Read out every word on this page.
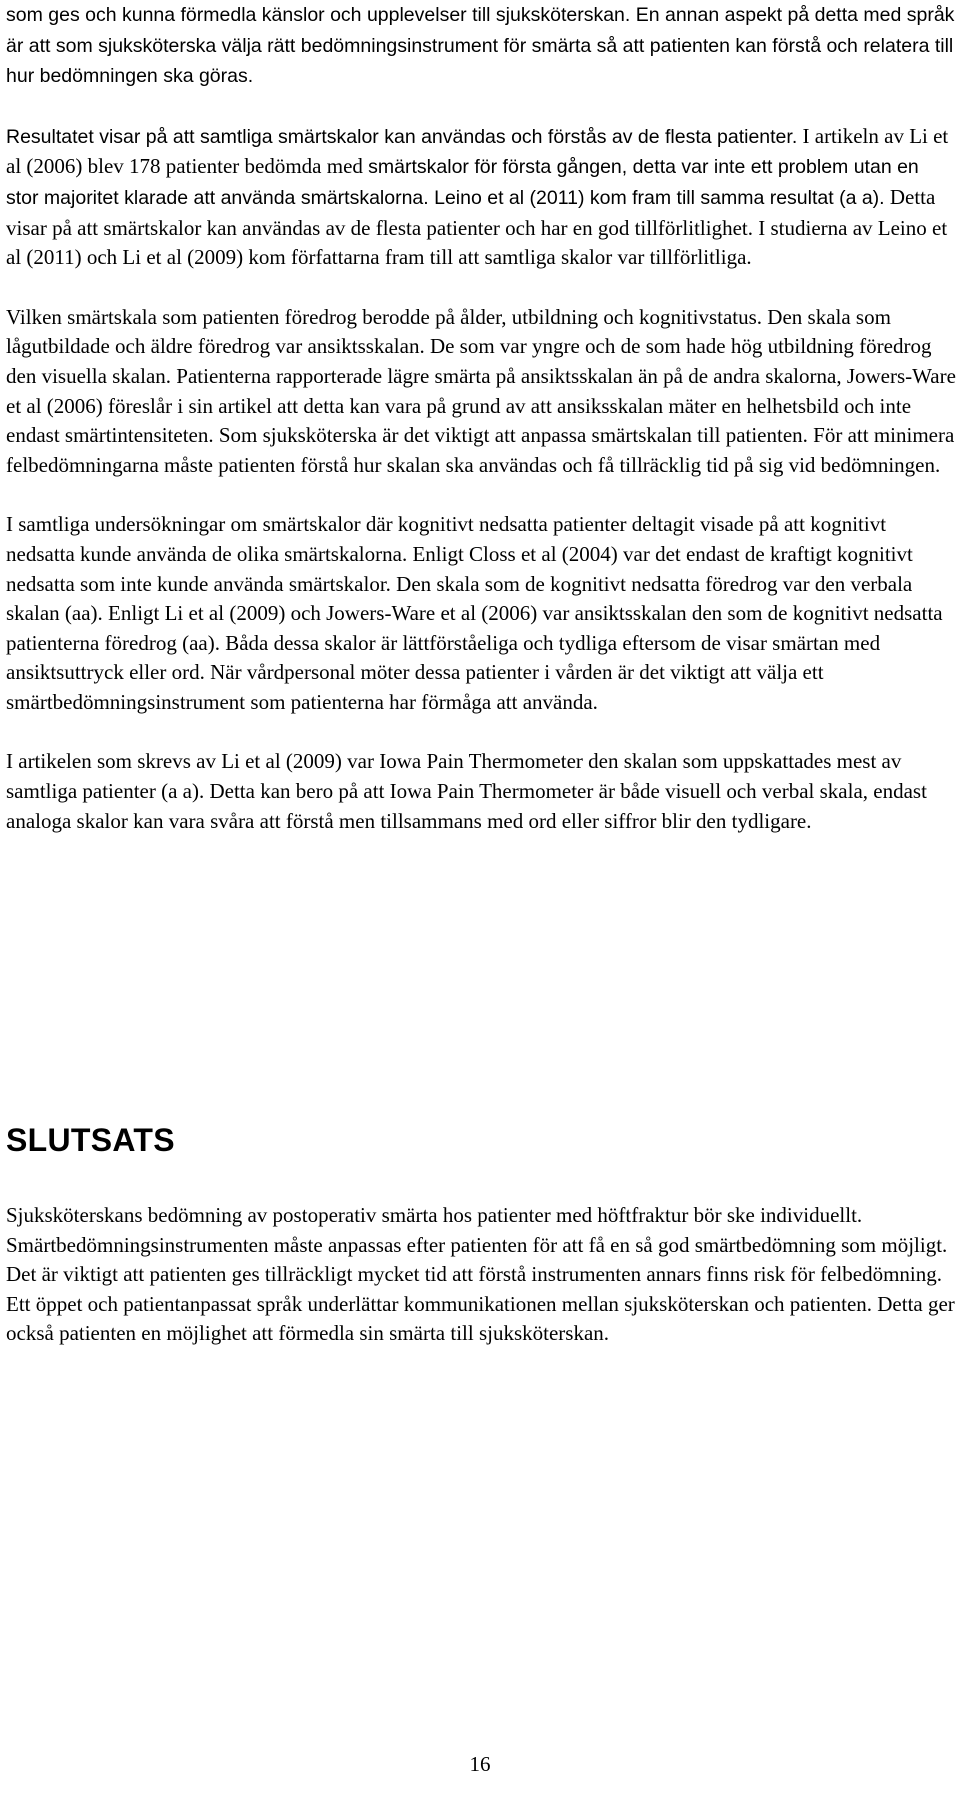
som ges och kunna förmedla känslor och upplevelser till sjuksköterskan. En annan aspekt på detta med språk är att som sjuksköterska välja rätt bedömningsinstrument för smärta så att patienten kan förstå och relatera till hur bedömningen ska göras.

Resultatet visar på att samtliga smärtskalor kan användas och förstås av de flesta patienter. I artikeln av Li et al (2006) blev 178 patienter bedömda med smärtskalor för första gången, detta var inte ett problem utan en stor majoritet klarade att använda smärtskalorna. Leino et al (2011) kom fram till samma resultat (a a). Detta visar på att smärtskalor kan användas av de flesta patienter och har en god tillförlitlighet. I studierna av Leino et al (2011) och Li et al (2009) kom författarna fram till att samtliga skalor var tillförlitliga.

Vilken smärtskala som patienten föredrog berodde på ålder, utbildning och kognitivstatus. Den skala som lågutbildade och äldre föredrog var ansiktsskalan. De som var yngre och de som hade hög utbildning föredrog den visuella skalan. Patienterna rapporterade lägre smärta på ansiktsskalan än på de andra skalorna, Jowers-Ware et al (2006) föreslår i sin artikel att detta kan vara på grund av att ansiksskalan mäter en helhetsbild och inte endast smärtintensiteten. Som sjuksköterska är det viktigt att anpassa smärtskalan till patienten. För att minimera felbedömningarna måste patienten förstå hur skalan ska användas och få tillräcklig tid på sig vid bedömningen.

I samtliga undersökningar om smärtskalor där kognitivt nedsatta patienter deltagit visade på att kognitivt nedsatta kunde använda de olika smärtskalorna. Enligt Closs et al (2004) var det endast de kraftigt kognitivt nedsatta som inte kunde använda smärtskalor. Den skala som de kognitivt nedsatta föredrog var den verbala skalan (aa). Enligt Li et al (2009) och Jowers-Ware et al (2006) var ansiktsskalan den som de kognitivt nedsatta patienterna föredrog (aa). Båda dessa skalor är lättförståeliga och tydliga eftersom de visar smärtan med ansiktsuttryck eller ord. När vårdpersonal möter dessa patienter i vården är det viktigt att välja ett smärtbedömningsinstrument som patienterna har förmåga att använda.

I artikelen som skrevs av Li et al (2009) var Iowa Pain Thermometer den skalan som uppskattades mest av samtliga patienter (a a). Detta kan bero på att Iowa Pain Thermometer är både visuell och verbal skala, endast analoga skalor kan vara svåra att förstå men tillsammans med ord eller siffror blir den tydligare.

SLUTSATS

Sjuksköterskans bedömning av postoperativ smärta hos patienter med höftfraktur bör ske individuellt. Smärtbedömningsinstrumenten måste anpassas efter patienten för att få en så god smärtbedömning som möjligt. Det är viktigt att patienten ges tillräckligt mycket tid att förstå instrumenten annars finns risk för felbedömning. Ett öppet och patientanpassat språk underlättar kommunikationen mellan sjuksköterskan och patienten. Detta ger också patienten en möjlighet att förmedla sin smärta till sjuksköterskan.

16
